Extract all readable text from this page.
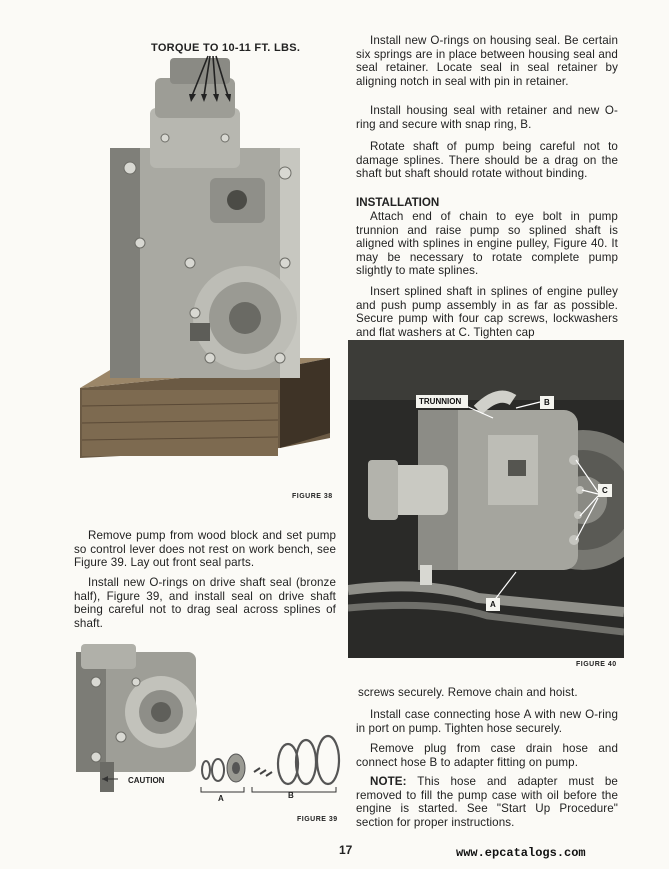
TORQUE TO 10-11 FT. LBS.
FIGURE 38
Install new O-rings on housing seal. Be certain six springs are in place between housing seal and seal retainer. Locate seal in seal retainer by aligning notch in seal with pin in retainer.
Install housing seal with retainer and new O-ring and secure with snap ring, B.
Rotate shaft of pump being careful not to damage splines. There should be a drag on the shaft but shaft should rotate without binding.
INSTALLATION
Attach end of chain to eye bolt in pump trunnion and raise pump so splined shaft is aligned with splines in engine pulley, Figure 40. It may be necessary to rotate complete pump slightly to mate splines.
Insert splined shaft in splines of engine pulley and push pump assembly in as far as possible. Secure pump with four cap screws, lockwashers and flat washers at C. Tighten cap
TRUNNION	B
C
A
FIGURE 40
Remove pump from wood block and set pump so control lever does not rest on work bench, see Figure 39. Lay out front seal parts.
Install new O-rings on drive shaft seal (bronze half), Figure 39, and install seal on drive shaft being careful not to drag seal across splines of shaft.
CAUTION
A	B
FIGURE 39
screws securely. Remove chain and hoist.
Install case connecting hose A with new O-ring in port on pump. Tighten hose securely.
Remove plug from case drain hose and connect hose B to adapter fitting on pump.
NOTE: This hose and adapter must be removed to fill the pump case with oil before the engine is started. See "Start Up Procedure" section for proper instructions.
17	www.epcatalogs.com
